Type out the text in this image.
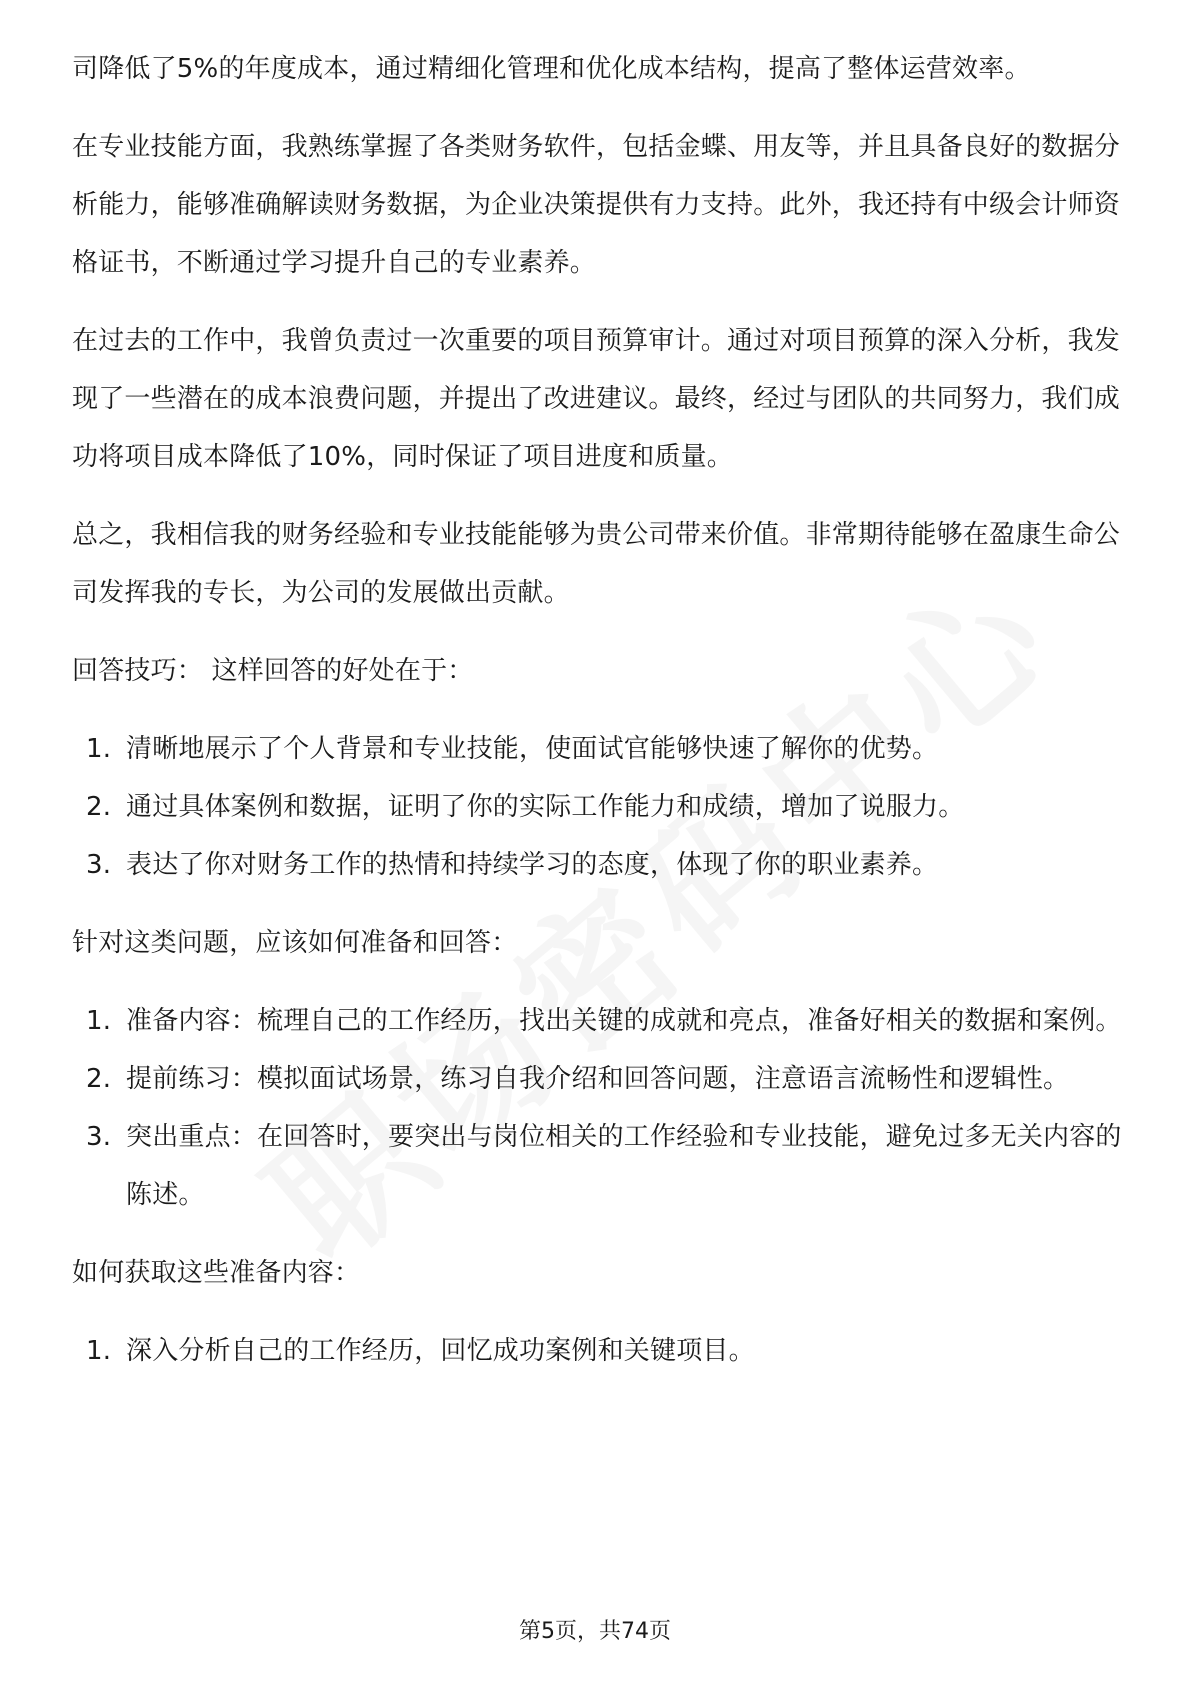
司降低了5%的年度成本，通过精细化管理和优化成本结构，提高了整体运营效率。

在专业技能方面，我熟练掌握了各类财务软件，包括金蝶、用友等，并且具备良好的数据分析能力，能够准确解读财务数据，为企业决策提供有力支持。此外，我还持有中级会计师资格证书，不断通过学习提升自己的专业素养。

在过去的工作中，我曾负责过一次重要的项目预算审计。通过对项目预算的深入分析，我发现了一些潜在的成本浪费问题，并提出了改进建议。最终，经过与团队的共同努力，我们成功将项目成本降低了10%，同时保证了项目进度和质量。

总之，我相信我的财务经验和专业技能能够为贵公司带来价值。非常期待能够在盈康生命公司发挥我的专长，为公司的发展做出贡献。

回答技巧： 这样回答的好处在于：

1. 清晰地展示了个人背景和专业技能，使面试官能够快速了解你的优势。
2. 通过具体案例和数据，证明了你的实际工作能力和成绩，增加了说服力。
3. 表达了你对财务工作的热情和持续学习的态度，体现了你的职业素养。

针对这类问题，应该如何准备和回答：

1. 准备内容：梳理自己的工作经历，找出关键的成就和亮点，准备好相关的数据和案例。
2. 提前练习：模拟面试场景，练习自我介绍和回答问题，注意语言流畅性和逻辑性。
3. 突出重点：在回答时，要突出与岗位相关的工作经验和专业技能，避免过多无关内容的陈述。

如何获取这些准备内容：

1. 深入分析自己的工作经历，回忆成功案例和关键项目。
第5页，共74页
